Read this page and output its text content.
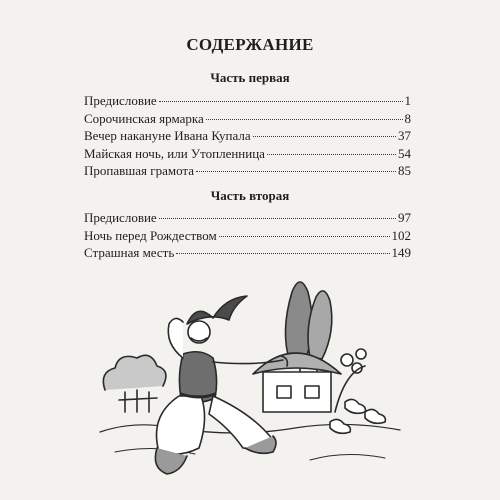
СОДЕРЖАНИЕ
Часть первая
Предисловие	1
Сорочинская ярмарка	8
Вечер накануне Ивана Купала	37
Майская ночь, или Утопленница	54
Пропавшая грамота	85
Часть вторая
Предисловие	97
Ночь перед Рождеством	102
Страшная месть	149
